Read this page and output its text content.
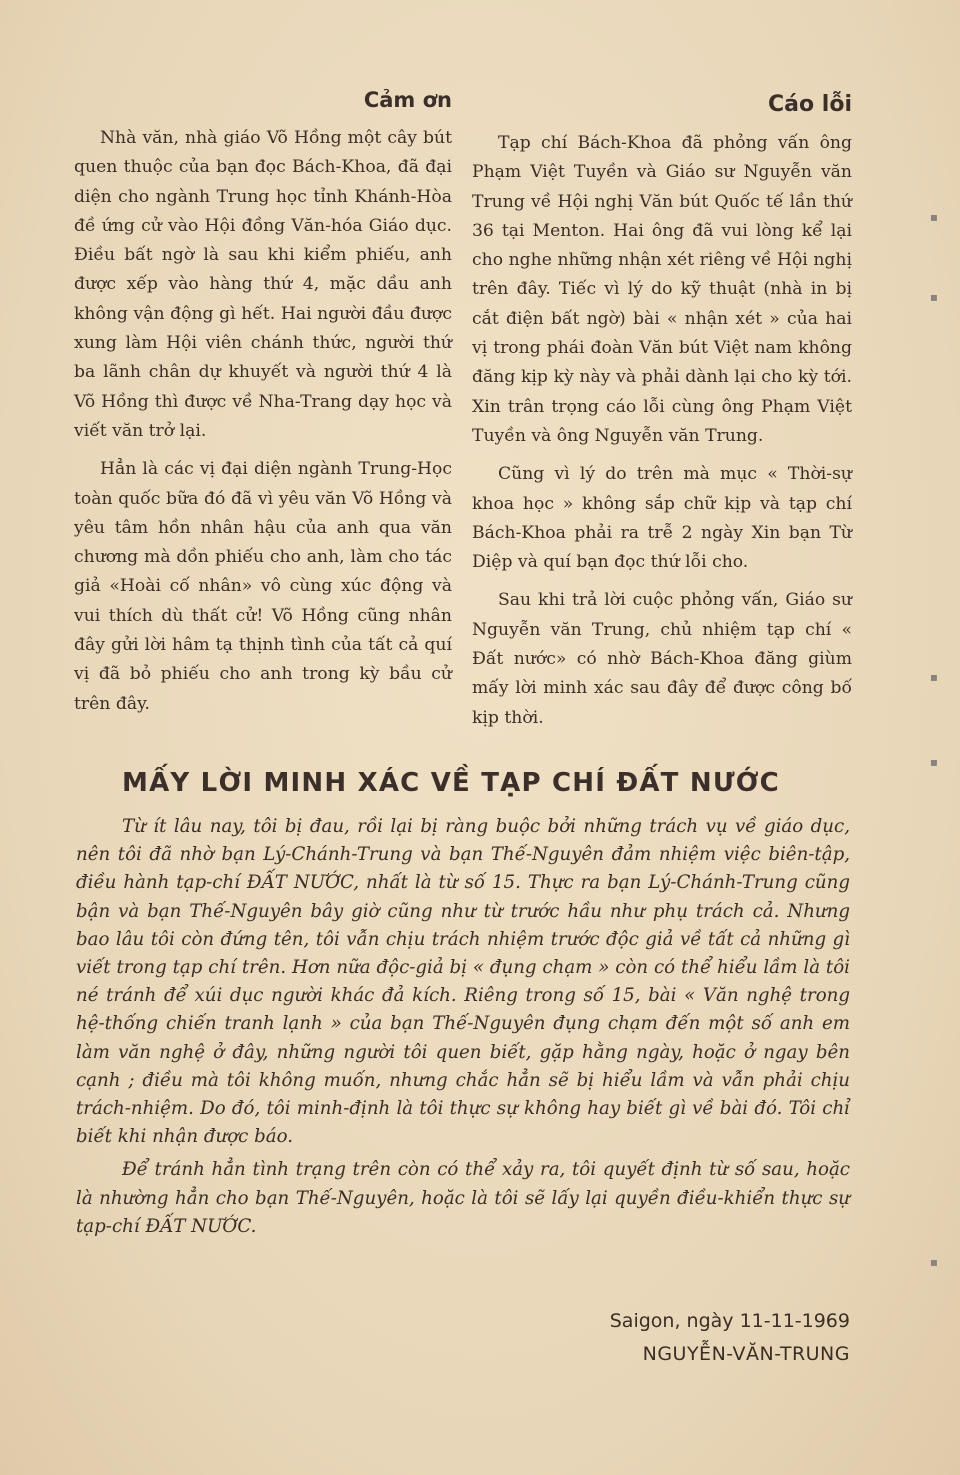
Cảm ơn

Nhà văn, nhà giáo Võ Hồng một cây bút quen thuộc của bạn đọc Bách-Khoa, đã đại diện cho ngành Trung học tỉnh Khánh-Hòa đề ứng cử vào Hội đồng Văn-hóa Giáo dục. Điều bất ngờ là sau khi kiểm phiếu, anh được xếp vào hàng thứ 4, mặc dầu anh không vận động gì hết. Hai người đầu được xung làm Hội viên chánh thức, người thứ ba lãnh chân dự khuyết và người thứ 4 là Võ Hồng thì được về Nha-Trang dạy học và viết văn trở lại.

Hẳn là các vị đại diện ngành Trung-Học toàn quốc bữa đó đã vì yêu văn Võ Hồng và yêu tâm hồn nhân hậu của anh qua văn chương mà dồn phiếu cho anh, làm cho tác giả «Hoài cố nhân» vô cùng xúc động và vui thích dù thất cử! Võ Hồng cũng nhân đây gửi lời hâm tạ thịnh tình của tất cả quí vị đã bỏ phiếu cho anh trong kỳ bầu cử trên đây.

Cáo lỗi

Tạp chí Bách-Khoa đã phỏng vấn ông Phạm Việt Tuyền và Giáo sư Nguyễn văn Trung về Hội nghị Văn bút Quốc tế lần thứ 36 tại Menton. Hai ông đã vui lòng kể lại cho nghe những nhận xét riêng về Hội nghị trên đây. Tiếc vì lý do kỹ thuật (nhà in bị cắt điện bất ngờ) bài « nhận xét » của hai vị trong phái đoàn Văn bút Việt nam không đăng kịp kỳ này và phải dành lại cho kỳ tới. Xin trân trọng cáo lỗi cùng ông Phạm Việt Tuyền và ông Nguyễn văn Trung.

Cũng vì lý do trên mà mục « Thời-sự khoa học » không sắp chữ kịp và tạp chí Bách-Khoa phải ra trễ 2 ngày Xin bạn Từ Diệp và quí bạn đọc thứ lỗi cho.

Sau khi trả lời cuộc phỏng vấn, Giáo sư Nguyễn văn Trung, chủ nhiệm tạp chí « Đất nước» có nhờ Bách-Khoa đăng giùm mấy lời minh xác sau đây để được công bố kịp thời.

MẤY LỜI MINH XÁC VỀ TẠP CHÍ ĐẤT NƯỚC

Từ ít lâu nay, tôi bị đau, rồi lại bị ràng buộc bởi những trách vụ về giáo dục, nên tôi đã nhờ bạn Lý-Chánh-Trung và bạn Thế-Nguyên đảm nhiệm việc biên-tập, điều hành tạp-chí ĐẤT NƯỚC, nhất là từ số 15. Thực ra bạn Lý-Chánh-Trung cũng bận và bạn Thế-Nguyên bây giờ cũng như từ trước hầu như phụ trách cả. Nhưng bao lâu tôi còn đứng tên, tôi vẫn chịu trách nhiệm trước độc giả về tất cả những gì viết trong tạp chí trên. Hơn nữa độc-giả bị « đụng chạm » còn có thể hiểu lầm là tôi né tránh để xúi dục người khác đả kích. Riêng trong số 15, bài « Văn nghệ trong hệ-thống chiến tranh lạnh » của bạn Thế-Nguyên đụng chạm đến một số anh em làm văn nghệ ở đây, những người tôi quen biết, gặp hằng ngày, hoặc ở ngay bên cạnh ; điều mà tôi không muốn, nhưng chắc hẳn sẽ bị hiểu lầm và vẫn phải chịu trách-nhiệm. Do đó, tôi minh-định là tôi thực sự không hay biết gì về bài đó. Tôi chỉ biết khi nhận được báo.

Để tránh hẳn tình trạng trên còn có thể xảy ra, tôi quyết định từ số sau, hoặc là nhường hẳn cho bạn Thế-Nguyên, hoặc là tôi sẽ lấy lại quyền điều-khiển thực sự tạp-chí ĐẤT NƯỚC.

Saigon, ngày 11-11-1969
NGUYỄN-VĂN-TRUNG
▪
▪
▪
▪
▪
